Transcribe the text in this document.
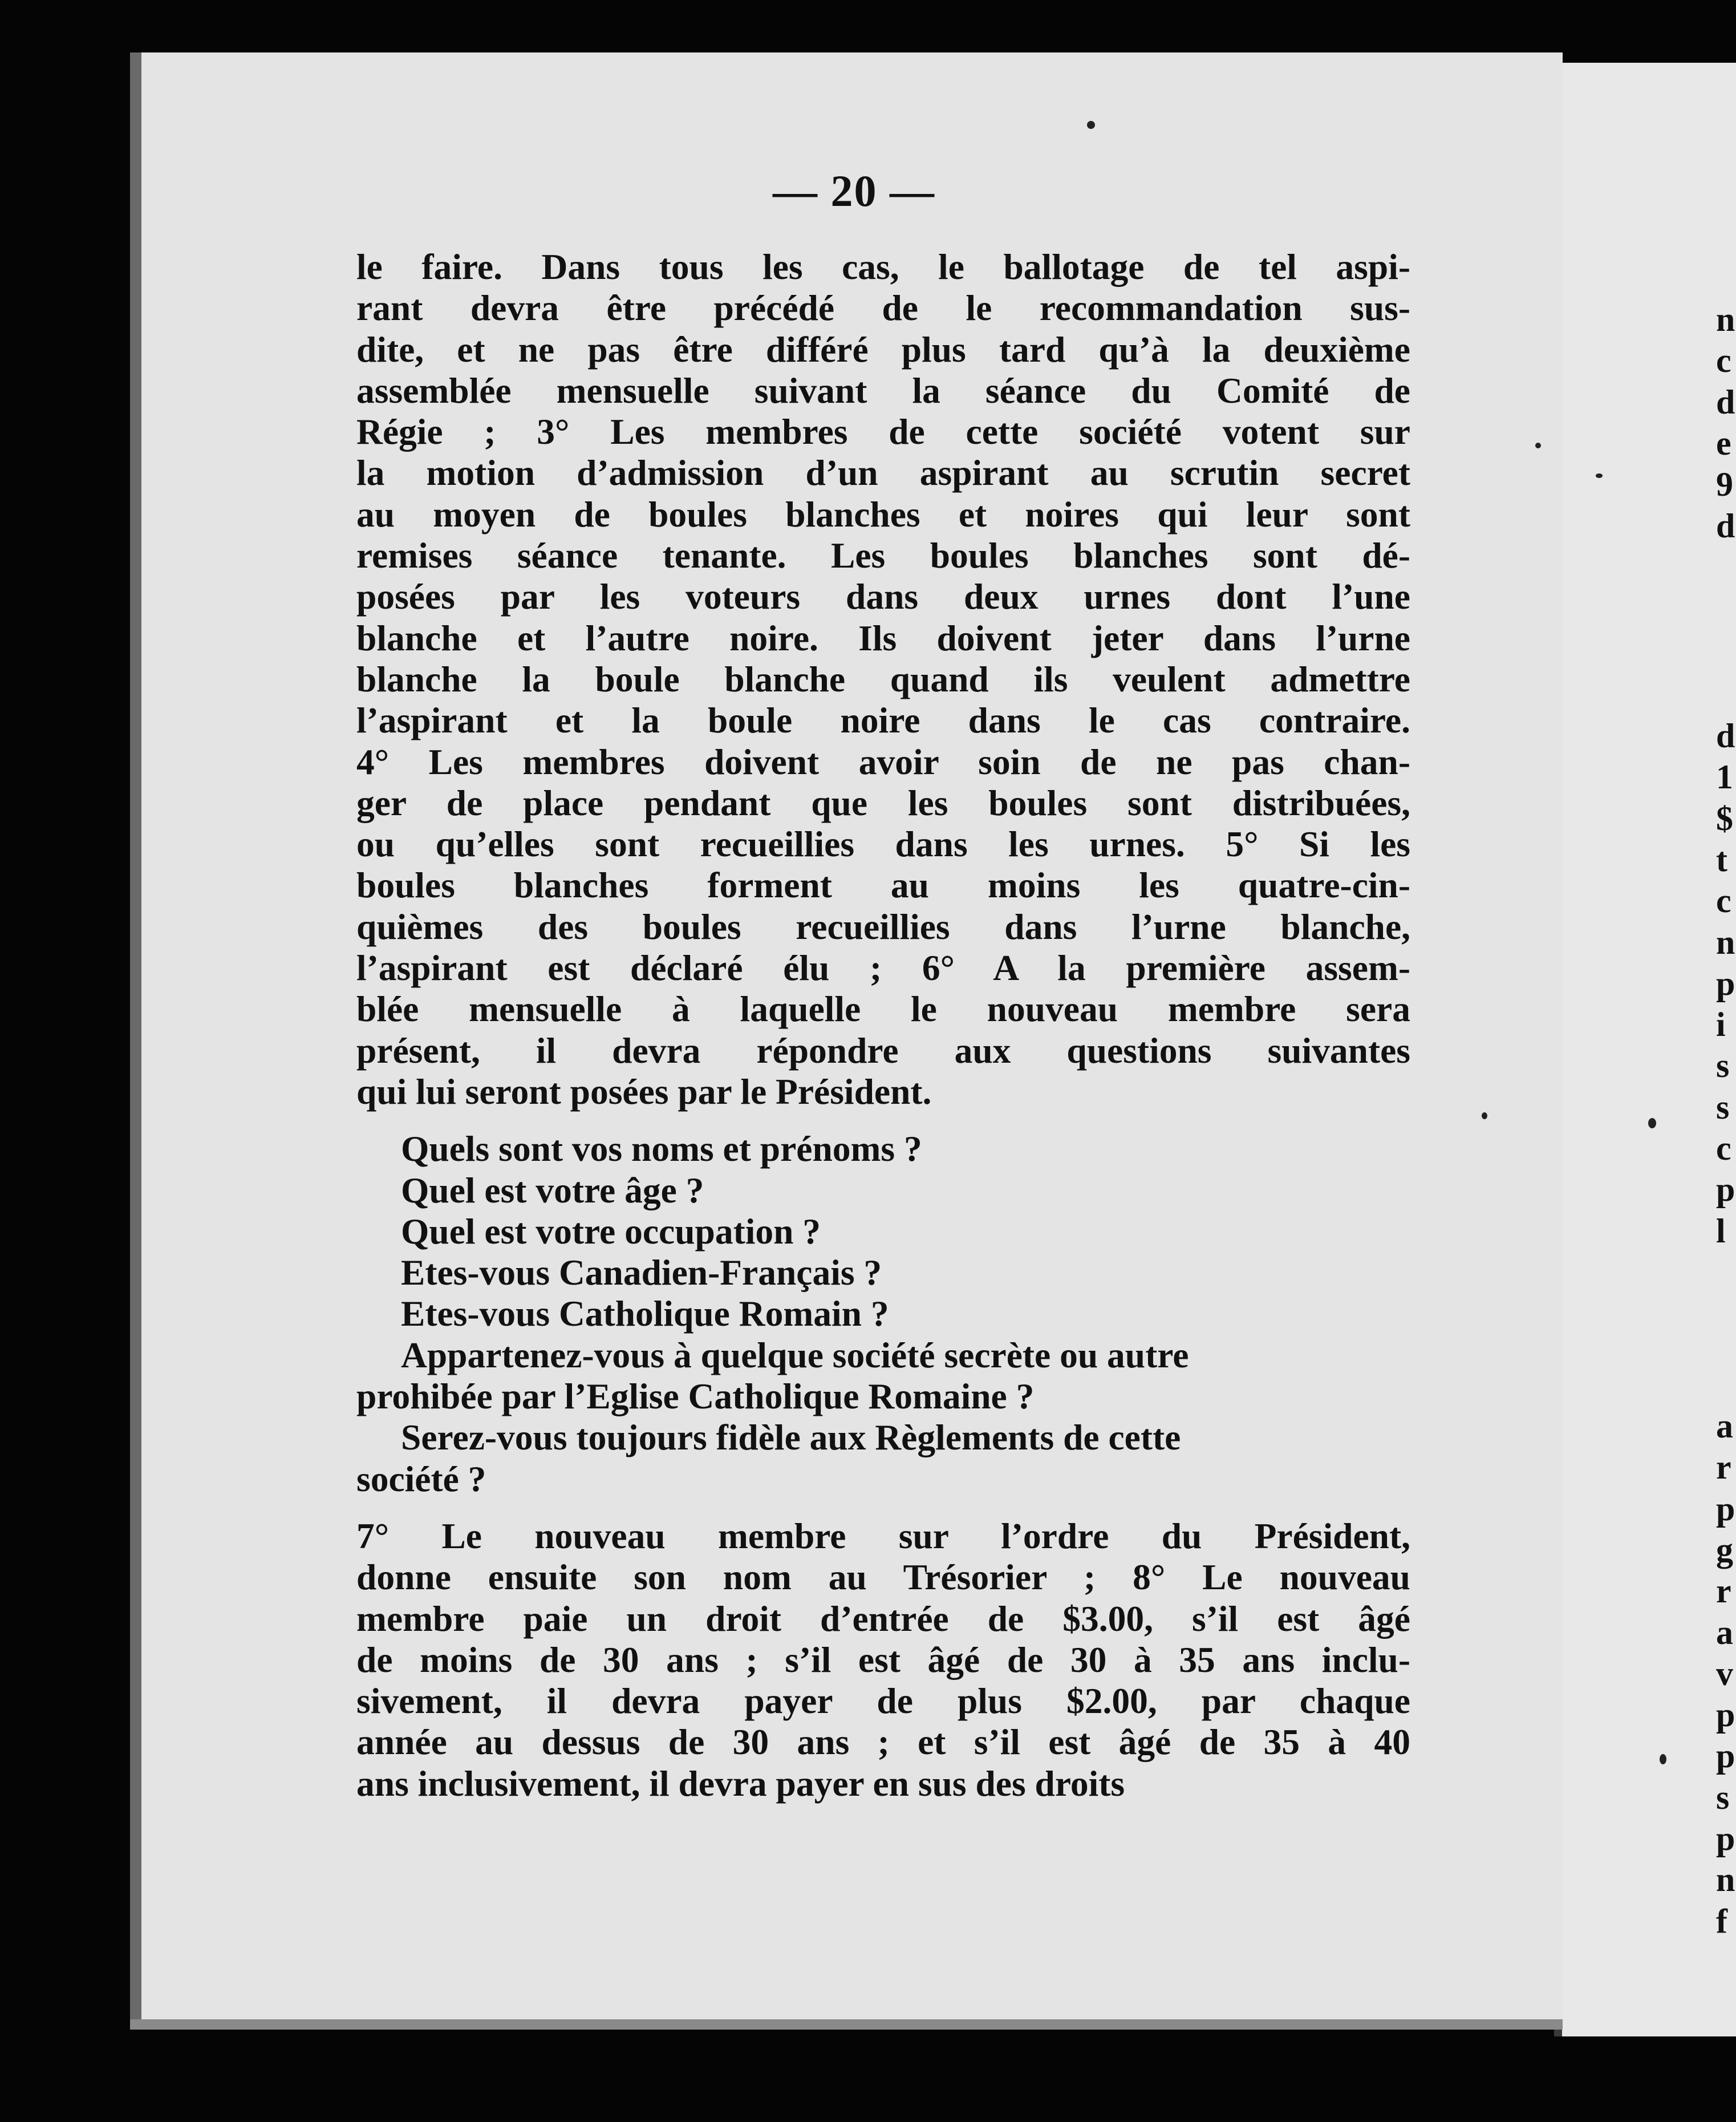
n
c
d
e
9
d
d
1
$
t
c
n
p
i
s
s
c
p
l
a
r
p
g
r
a
v
p
p
s
p
n
f
— 20 —
le faire. Dans tous les cas, le ballotage de tel aspi-
rant devra être précédé de le recommandation sus-
dite, et ne pas être différé plus tard qu’à la deuxième
assemblée mensuelle suivant la séance du Comité de
Régie ; 3° Les membres de cette société votent sur
la motion d’admission d’un aspirant au scrutin secret
au moyen de boules blanches et noires qui leur sont
remises séance tenante. Les boules blanches sont dé-
posées par les voteurs dans deux urnes dont l’une
blanche et l’autre noire. Ils doivent jeter dans l’urne
blanche la boule blanche quand ils veulent admettre
l’aspirant et la boule noire dans le cas contraire.
4° Les membres doivent avoir soin de ne pas chan-
ger de place pendant que les boules sont distribuées,
ou qu’elles sont recueillies dans les urnes. 5° Si les
boules blanches forment au moins les quatre-cin-
quièmes des boules recueillies dans l’urne blanche,
l’aspirant est déclaré élu ; 6° A la première assem-
blée mensuelle à laquelle le nouveau membre sera
présent, il devra répondre aux questions suivantes
qui lui seront posées par le Président.
Quels sont vos noms et prénoms ?
Quel est votre âge ?
Quel est votre occupation ?
Etes-vous Canadien-Français ?
Etes-vous Catholique Romain ?
Appartenez-vous à quelque société secrète ou autre
prohibée par l’Eglise Catholique Romaine ?
Serez-vous toujours fidèle aux Règlements de cette
société ?
7° Le nouveau membre sur l’ordre du Président,
donne ensuite son nom au Trésorier ; 8° Le nouveau
membre paie un droit d’entrée de $3.00, s’il est âgé
de moins de 30 ans ; s’il est âgé de 30 à 35 ans inclu-
sivement, il devra payer de plus $2.00, par chaque
année au dessus de 30 ans ; et s’il est âgé de 35 à 40
ans inclusivement, il devra payer en sus des droits
